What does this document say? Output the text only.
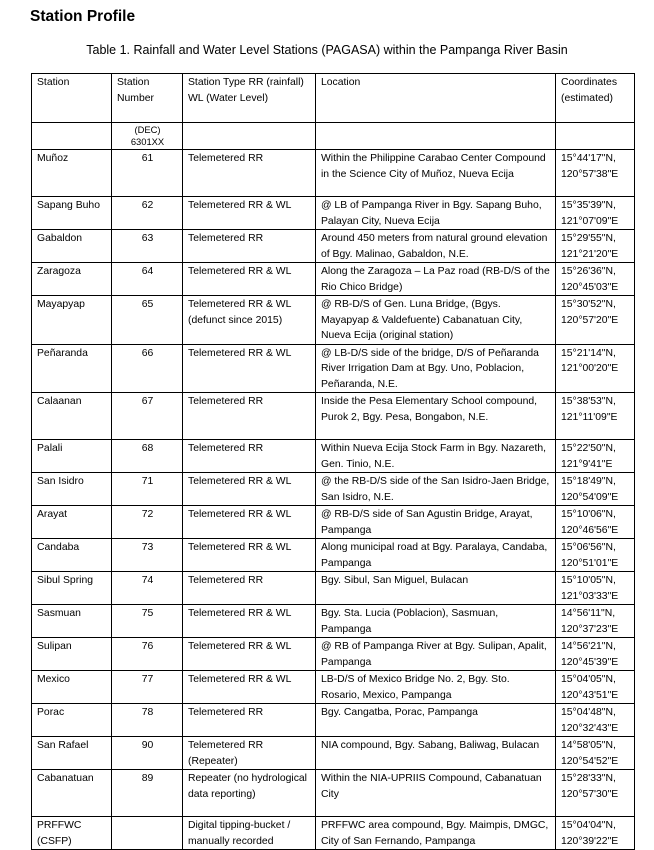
Station Profile
Table 1. Rainfall and Water Level Stations (PAGASA) within the Pampanga River Basin
Station	Station Number	Station Type RR (rainfall) WL (Water Level)	Location	Coordinates (estimated)
	(DEC) 6301XX			
Muñoz	61	Telemetered RR	Within the Philippine Carabao Center Compound in the Science City of Muñoz, Nueva Ecija	15°44'17"N, 120°57'38"E
Sapang Buho	62	Telemetered RR & WL	@ LB of Pampanga River in Bgy. Sapang Buho, Palayan City, Nueva Ecija	15°35'39"N, 121°07'09"E
Gabaldon	63	Telemetered RR	Around 450 meters from natural ground elevation of Bgy. Malinao, Gabaldon, N.E.	15°29'55"N, 121°21'20"E
Zaragoza	64	Telemetered RR & WL	Along the Zaragoza – La Paz road (RB-D/S of the Rio Chico Bridge)	15°26'36"N, 120°45'03"E
Mayapyap	65	Telemetered RR & WL (defunct since 2015)	@ RB-D/S of Gen. Luna Bridge, (Bgys. Mayapyap & Valdefuente) Cabanatuan City, Nueva Ecija (original station)	15°30'52"N, 120°57'20"E
Peñaranda	66	Telemetered RR & WL	@ LB-D/S side of the bridge, D/S of Peñaranda River Irrigation Dam at Bgy. Uno, Poblacion, Peñaranda, N.E.	15°21'14"N, 121°00'20"E
Calaanan	67	Telemetered RR	Inside the Pesa Elementary School compound, Purok 2, Bgy. Pesa, Bongabon, N.E.	15°38'53"N, 121°11'09"E
Palali	68	Telemetered RR	Within Nueva Ecija Stock Farm in Bgy. Nazareth, Gen. Tinio, N.E.	15°22'50"N, 121°9'41"E
San Isidro	71	Telemetered RR & WL	@ the RB-D/S side of the San Isidro-Jaen Bridge, San Isidro, N.E.	15°18'49"N, 120°54'09"E
Arayat	72	Telemetered RR & WL	@ RB-D/S side of San Agustin Bridge, Arayat, Pampanga	15°10'06"N, 120°46'56"E
Candaba	73	Telemetered RR & WL	Along municipal road at Bgy. Paralaya, Candaba, Pampanga	15°06'56"N, 120°51'01"E
Sibul Spring	74	Telemetered RR	Bgy. Sibul, San Miguel, Bulacan	15°10'05"N, 121°03'33"E
Sasmuan	75	Telemetered RR & WL	Bgy. Sta. Lucia (Poblacion), Sasmuan, Pampanga	14°56'11"N, 120°37'23"E
Sulipan	76	Telemetered RR & WL	@ RB of Pampanga River at Bgy. Sulipan, Apalit, Pampanga	14°56'21"N, 120°45'39"E
Mexico	77	Telemetered RR & WL	LB-D/S of Mexico Bridge No. 2, Bgy. Sto. Rosario, Mexico, Pampanga	15°04'05"N, 120°43'51"E
Porac	78	Telemetered RR	Bgy. Cangatba, Porac, Pampanga	15°04'48"N, 120°32'43"E
San Rafael	90	Telemetered RR (Repeater)	NIA compound, Bgy. Sabang, Baliwag, Bulacan	14°58'05"N, 120°54'52"E
Cabanatuan	89	Repeater (no hydrological data reporting)	Within the NIA-UPRIIS Compound, Cabanatuan City	15°28'33"N, 120°57'30"E
PRFFWC (CSFP)		Digital tipping-bucket / manually recorded	PRFFWC area compound, Bgy. Maimpis, DMGC, City of San Fernando, Pampanga	15°04'04"N, 120°39'22"E
